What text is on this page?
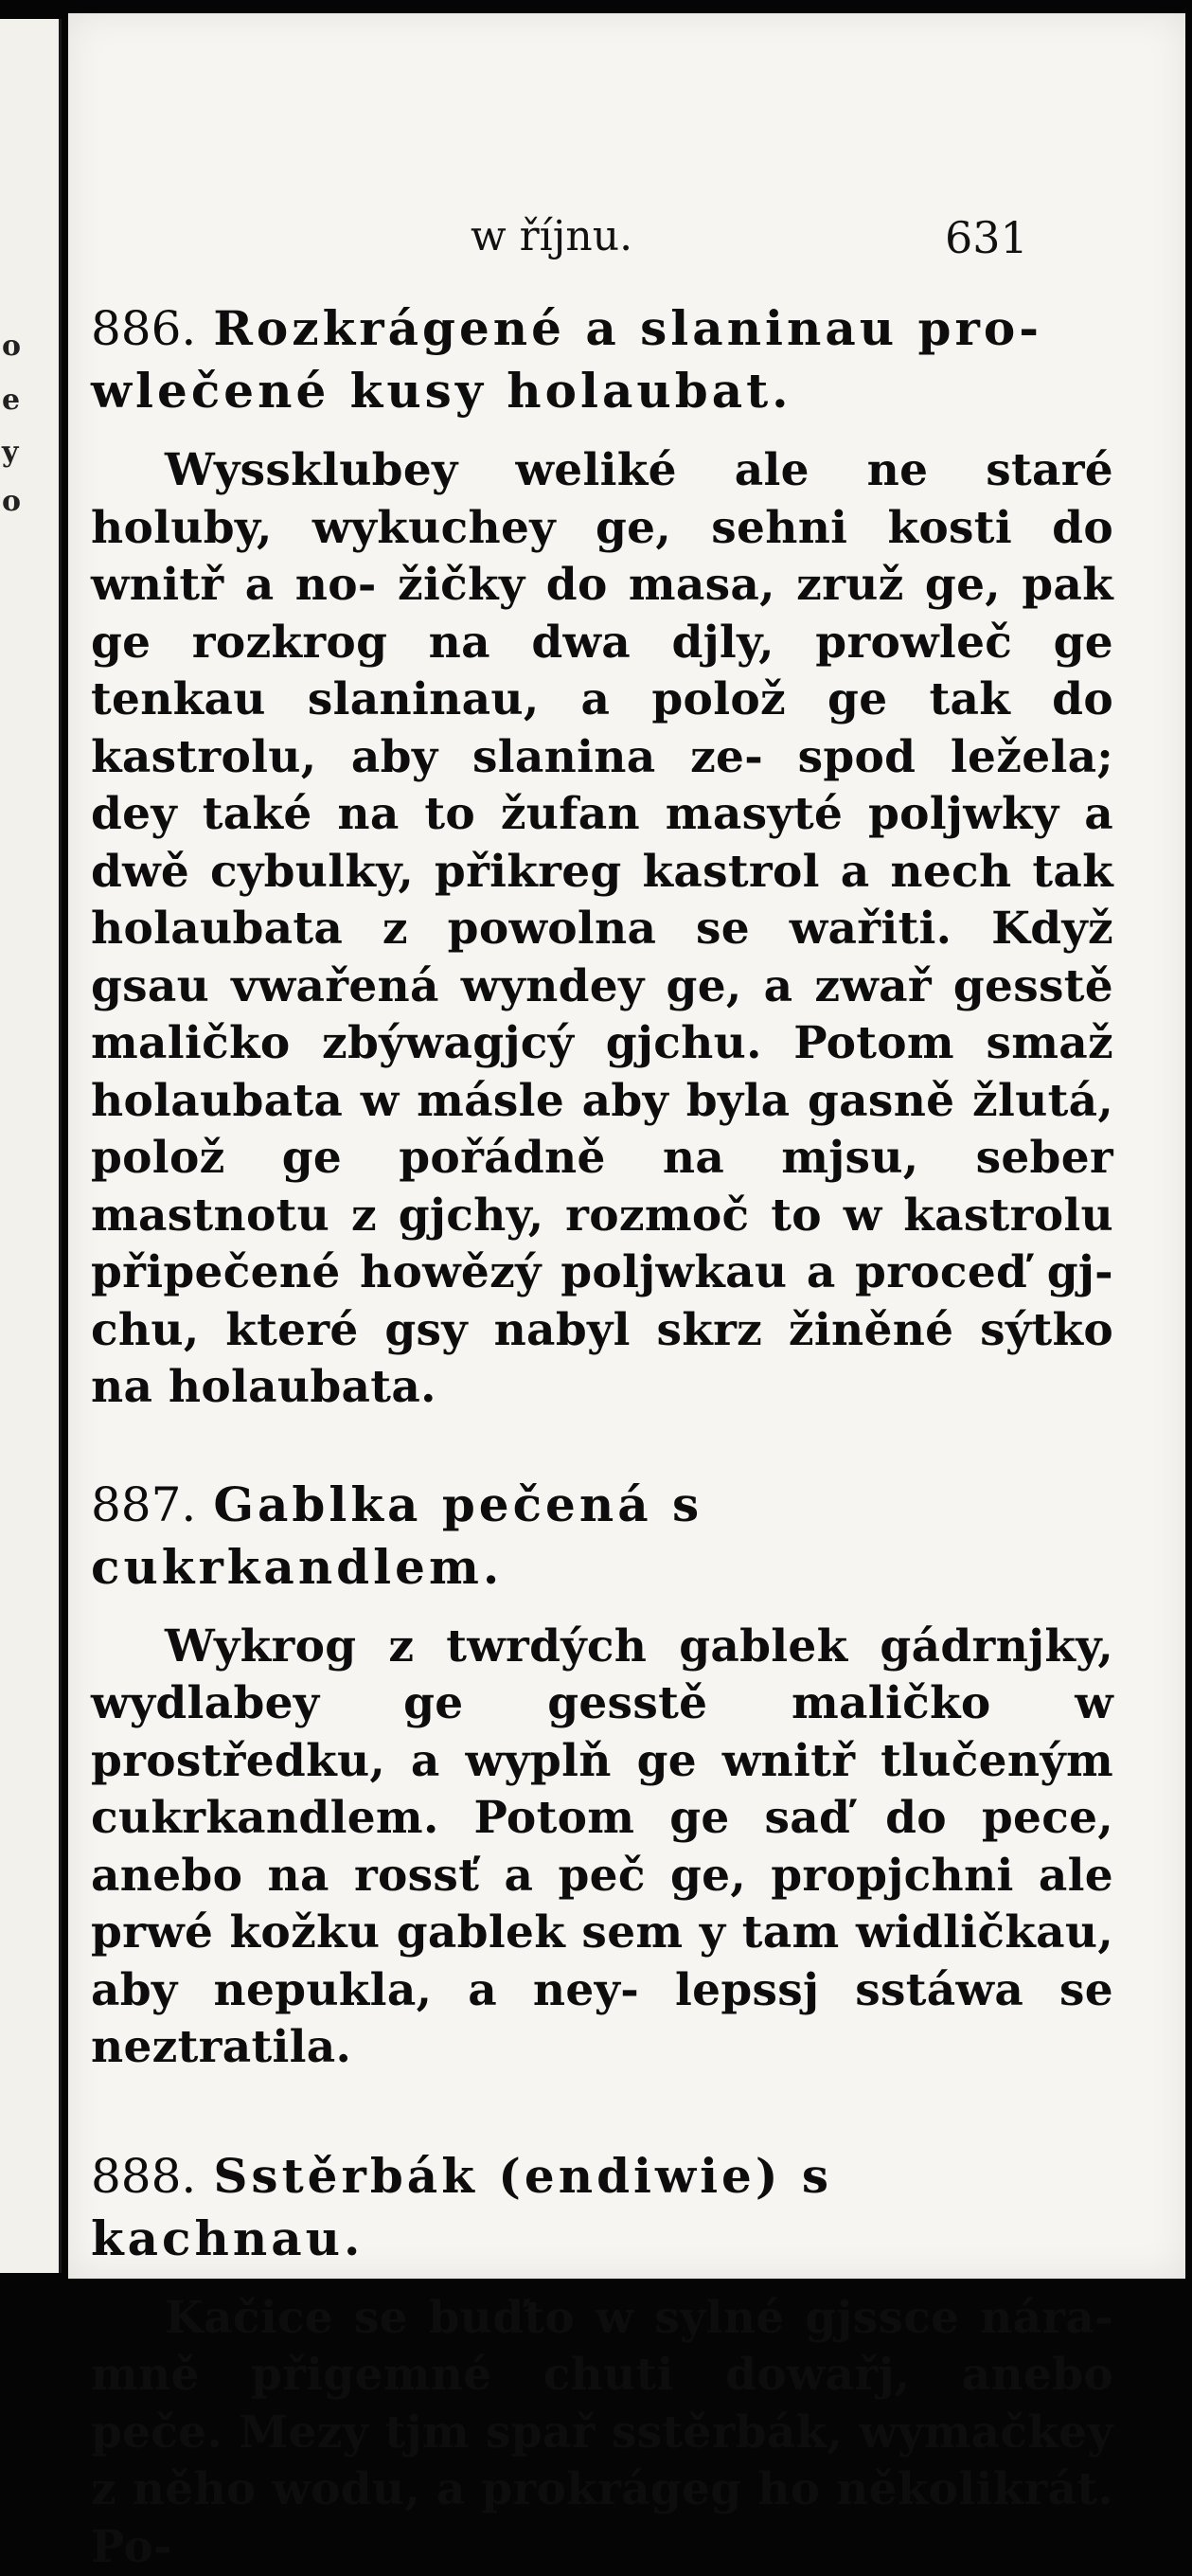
o
e
y
o
w říjnu.	631
886. Rozkrágené a slaninau pro- wlečené kusy holaubat.

Wyssklubey weliké ale ne staré holuby, wykuchey ge, sehni kosti do wnitř a no- žičky do masa, zruž ge, pak ge rozkrog na dwa djly, prowleč ge tenkau slaninau, a polož ge tak do kastrolu, aby slanina ze- spod ležela; dey také na to žufan masyté poljwky a dwě cybulky, přikreg kastrol a nech tak holaubata z powolna se wařiti. Když gsau vwařená wyndey ge, a zwař gesstě maličko zbýwagjcý gjchu. Potom smaž holaubata w másle aby byla gasně žlutá, polož ge pořádně na mjsu, seber mastnotu z gjchy, rozmoč to w kastrolu připečené howězý poljwkau a proceď gj- chu, které gsy nabyl skrz žiněné sýtko na holaubata.

887. Gablka pečená s cukrkandlem.

Wykrog z twrdých gablek gádrnjky, wydlabey ge gesstě maličko w prostředku, a wyplň ge wnitř tlučeným cukrkandlem. Potom ge saď do pece, anebo na rossť a peč ge, propjchni ale prwé kožku gablek sem y tam widličkau, aby nepukla, a ney- lepssj sstáwa se neztratila.

888. Sstěrbák (endiwie) s kachnau.

Kačice se buďto w sylné gjssce nára- mně přigemné chuti dowařj, anebo peče. Mezy tjm spař sstěrbák, wymačkey z něho wodu, a prokrágeg ho několikrát. Po-
